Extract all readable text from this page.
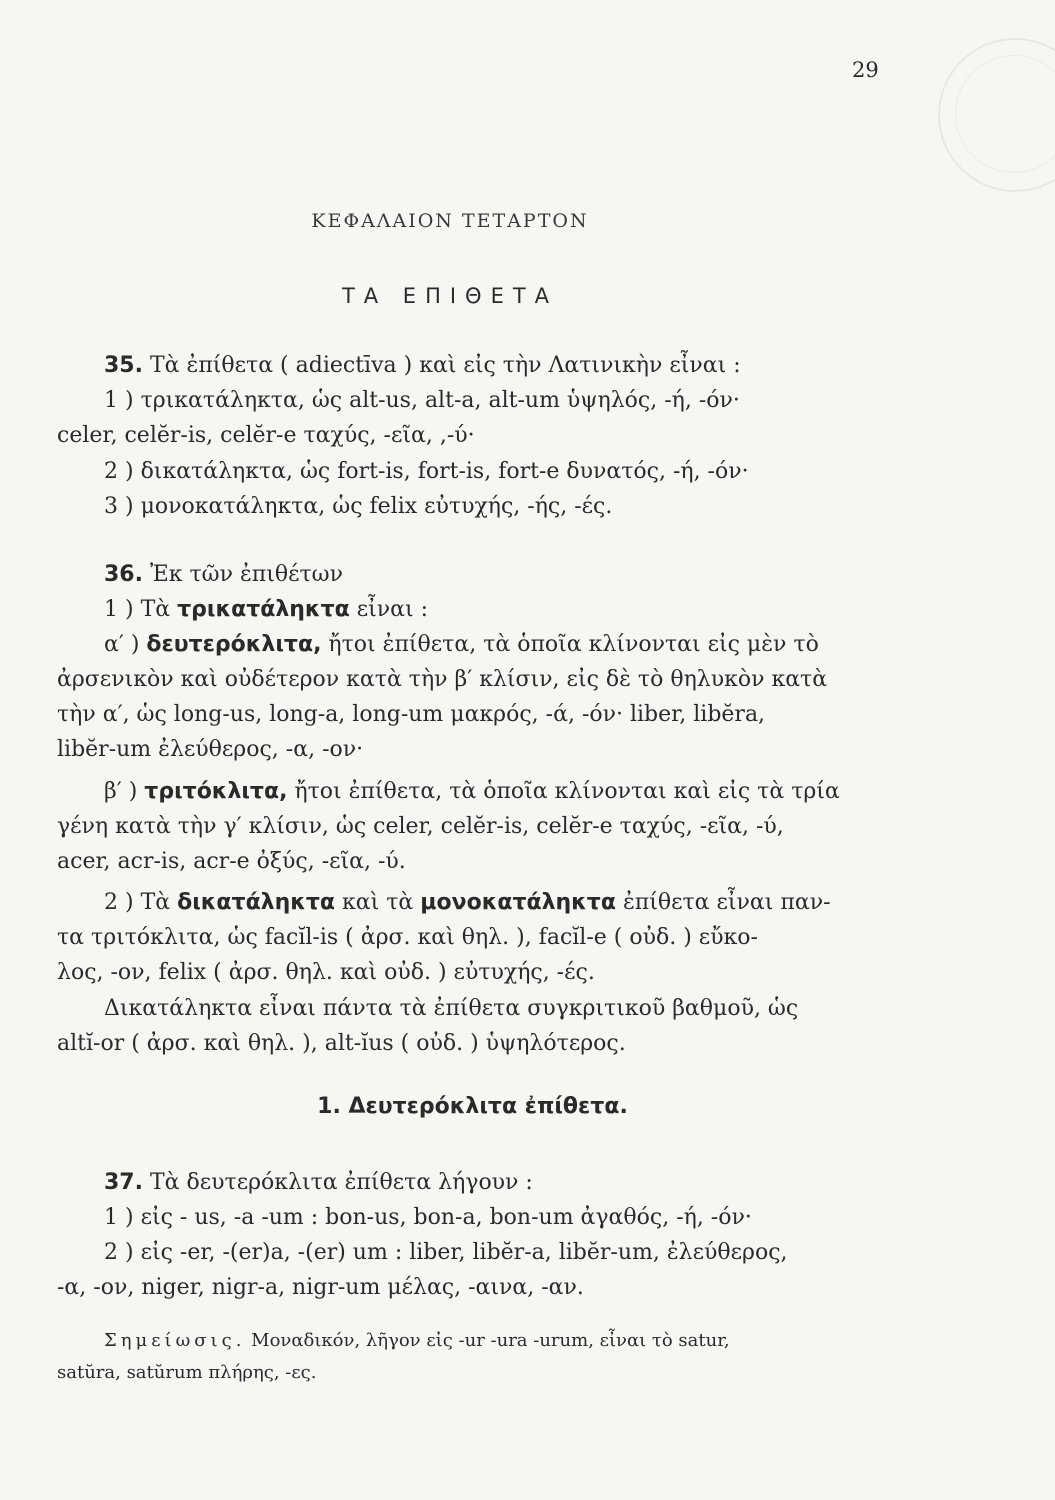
29
ΚΕΦΑΛΑΙΟΝ ΤΕΤΑΡΤΟΝ
ΤΑ ΕΠΙΘΕΤΑ
35. Τὰ ἐπίθετα ( adiectīva ) καὶ εἰς τὴν Λατινικὴν εἶναι :
1 ) τρικατάληκτα, ὡς alt-us, alt-a, alt-um ὑψηλός, -ή, -όν·
celer, celĕr-is, celĕr-e ταχύς, -εῖα, ,-ύ·
2 ) δικατάληκτα, ὡς fort-is, fort-is, fort-e δυνατός, -ή, -όν·
3 ) μονοκατάληκτα, ὡς felix εὐτυχής, -ής, -ές.
36. Ἐκ τῶν ἐπιθέτων
1 ) Τὰ τρικατάληκτα εἶναι :
α′ ) δευτερόκλιτα, ἤτοι ἐπίθετα, τὰ ὁποῖα κλίνονται εἰς μὲν τὸ
ἀρσενικὸν καὶ οὐδέτερον κατὰ τὴν β′ κλίσιν, εἰς δὲ τὸ θηλυκὸν κατὰ
τὴν α′, ὡς long-us, long-a, long-um μακρός, -ά, -όν· liber, libĕra,
libĕr-um ἐλεύθερος, -α, -ον·
β′ ) τριτόκλιτα, ἤτοι ἐπίθετα, τὰ ὁποῖα κλίνονται καὶ εἰς τὰ τρία
γένη κατὰ τὴν γ′ κλίσιν, ὡς celer, celĕr-is, celĕr-e ταχύς, -εῖα, -ύ,
acer, acr-is, acr-e ὀξύς, -εῖα, -ύ.
2 ) Τὰ δικατάληκτα καὶ τὰ μονοκατάληκτα ἐπίθετα εἶναι παν-
τα τριτόκλιτα, ὡς facĭl-is ( ἀρσ. καὶ θηλ. ), facĭl-e ( οὐδ. ) εὔκο-
λος, -ον, felix ( ἀρσ. θηλ. καὶ οὐδ. ) εὐτυχής, -ές.
Δικατάληκτα εἶναι πάντα τὰ ἐπίθετα συγκριτικοῦ βαθμοῦ, ὡς
altĭ-or ( ἀρσ. καὶ θηλ. ), alt-ĭus ( οὐδ. ) ὑψηλότερος.
1. Δευτερόκλιτα ἐπίθετα.
37. Τὰ δευτερόκλιτα ἐπίθετα λήγουν :
1 ) εἰς - us, -a -um : bon-us, bon-a, bon-um ἀγαθός, -ή, -όν·
2 ) εἰς -er, -(er)a, -(er) um : liber, libĕr-a, libĕr-um, ἐλεύθερος,
-α, -ον, niger, nigr-a, nigr-um μέλας, -αινα, -αν.
Σημείωσις. Μοναδικόν, λῆγον εἰς -ur -ura -urum, εἶναι τὸ satur,
satŭra, satŭrum πλήρης, -ες.
